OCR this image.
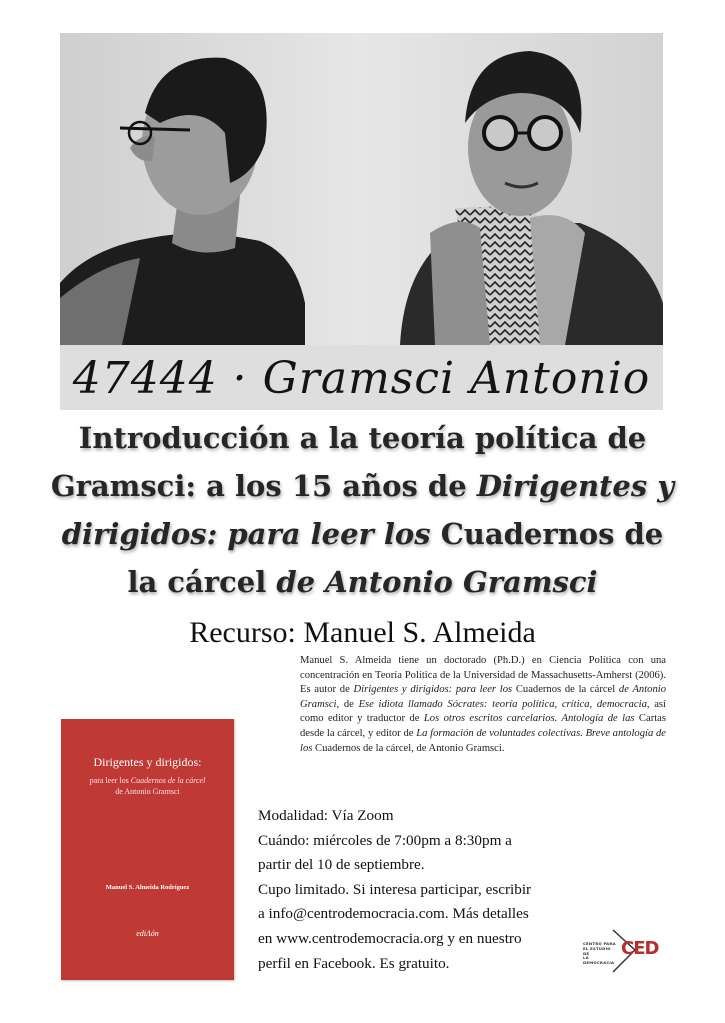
47444 · Gramsci Antonio
Introducción a la teoría política de
Gramsci: a los 15 años de Dirigentes y
dirigidos: para leer los Cuadernos de
la cárcel de Antonio Gramsci
Recurso: Manuel S. Almeida
Manuel S. Almeida tiene un doctorado (Ph.D.) en Ciencia Política con una concentración en Teoría Política de la Universidad de Massachusetts-Amherst (2006). Es autor de Dirigentes y dirigidos: para leer los Cuadernos de la cárcel de Antonio Gramsci, de Ese idiota llamado Sócrates: teoría política, crítica, democracia, así como editor y traductor de Los otros escritos carcelarios. Antología de las Cartas desde la cárcel, y editor de La formación de voluntades colectivas. Breve antología de los Cuadernos de la cárcel, de Antonio Gramsci.
Dirigentes y dirigidos:
para leer los Cuadernos de la cárcel
de Antonio Gramsci
Manuel S. Almeida Rodríguez
ediΛón
Modalidad: Vía Zoom
Cuándo: miércoles de 7:00pm a 8:30pm a
partir del 10 de septiembre.
Cupo limitado. Si interesa participar, escribir
a info@centrodemocracia.com. Más detalles
en www.centrodemocracia.org y en nuestro
perfil en Facebook. Es gratuito.
CENTRO PARA
EL ESTUDIO DE
LA DEMOCRACIA
CED
